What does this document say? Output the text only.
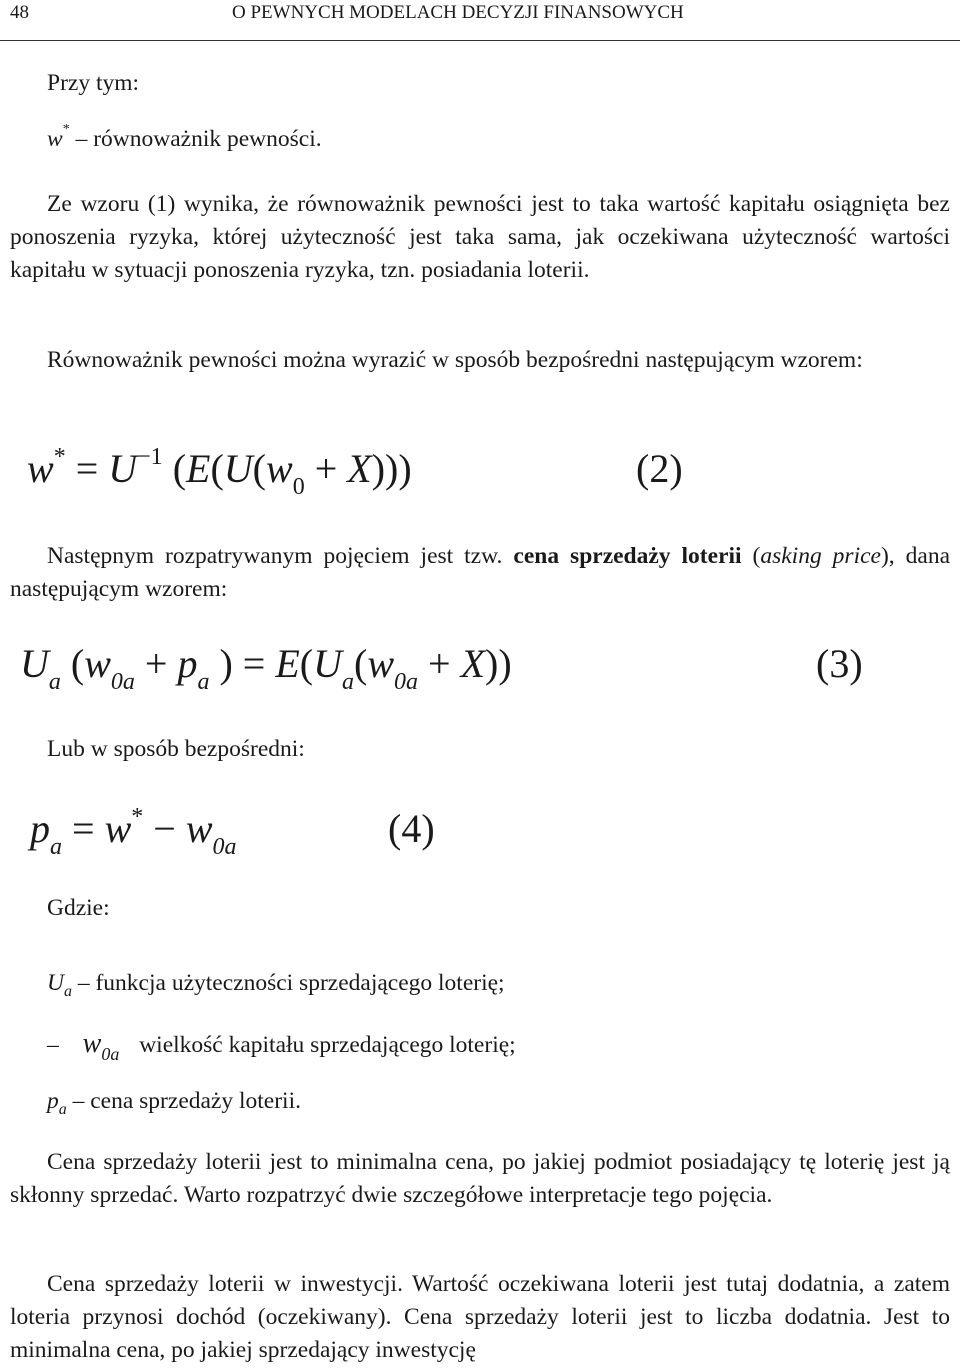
48	O PEWNYCH MODELACH DECYZJI FINANSOWYCH
Przy tym:
w* – równoważnik pewności.
Ze wzoru (1) wynika, że równoważnik pewności jest to taka wartość kapitału osiągnięta bez ponoszenia ryzyka, której użyteczność jest taka sama, jak oczekiwana użyteczność wartości kapitału w sytuacji ponoszenia ryzyka, tzn. posiadania loterii.
Równoważnik pewności można wyrazić w sposób bezpośredni następującym wzorem:
$w^* = U^{-1}$ $(E(U(w_0 + X)))$	(2)
Następnym rozpatrywanym pojęciem jest tzw. cena sprzedaży loterii (asking price), dana następującym wzorem:
$U_a$ ($w_{0a} + p_a$ ) = $E(U_a(w_{0a} + X))$	(3)
Lub w sposób bezpośredni:
$p_a = w^* - w_{0a}$	(4)
Gdzie:
$U_a$ – funkcja użyteczności sprzedającego loterię;
– $w_{0a}$ wielkość kapitału sprzedającego loterię;
$p_a$ – cena sprzedaży loterii.
Cena sprzedaży loterii jest to minimalna cena, po jakiej podmiot posiadający tę loterię jest ją skłonny sprzedać. Warto rozpatrzyć dwie szczegółowe interpretacje tego pojęcia.
Cena sprzedaży loterii w inwestycji. Wartość oczekiwana loterii jest tutaj dodatnia, a zatem loteria przynosi dochód (oczekiwany). Cena sprzedaży loterii jest to liczba dodatnia. Jest to minimalna cena, po jakiej sprzedający inwestycję
